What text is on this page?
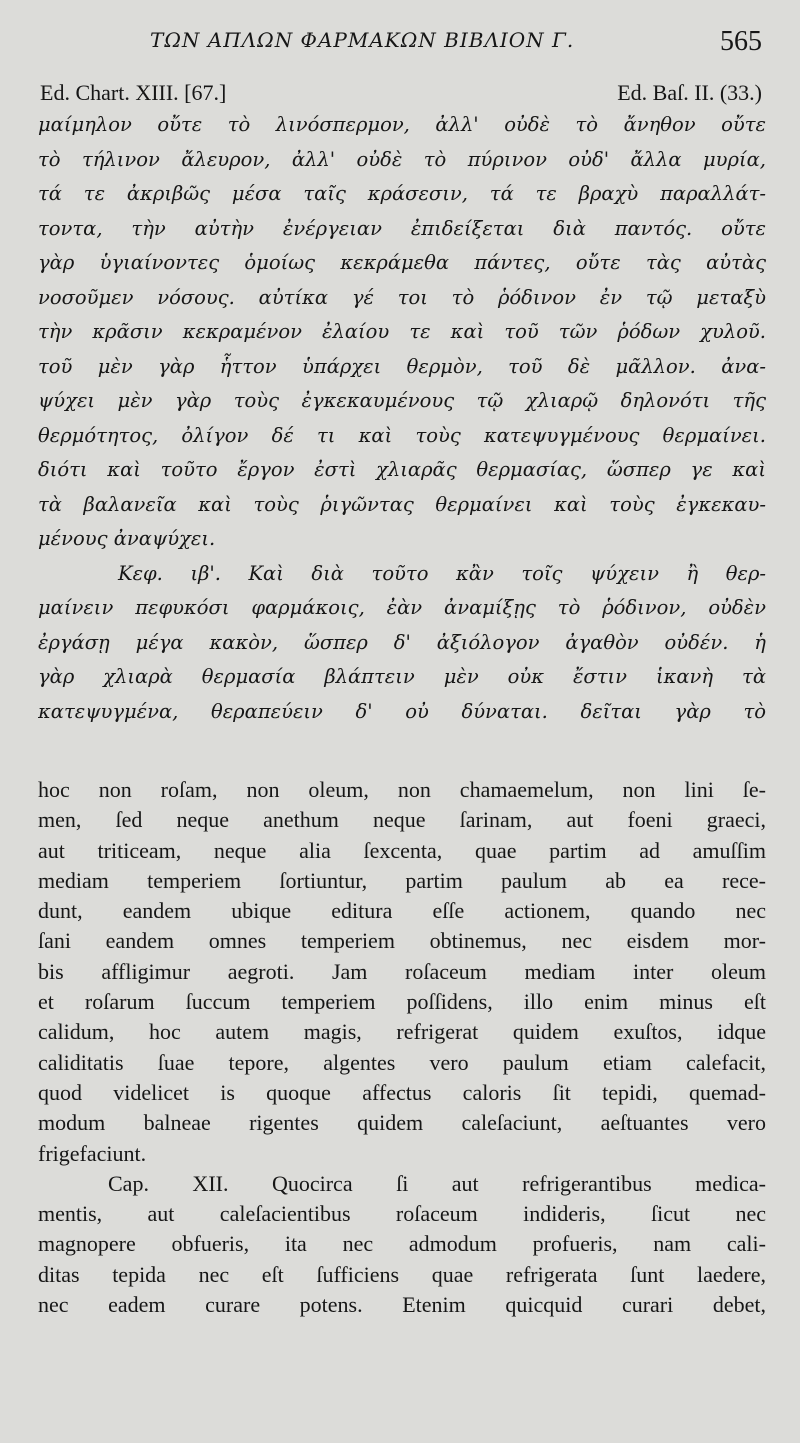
ΤΩΝ ΑΠΛΩΝ ΦΑΡΜΑΚΩΝ ΒΙΒΛΙΟΝ Γ.	565
Ed. Chart. XIII. [67.]	Ed. Baſ. II. (33.)
μαίμηλον οὔτε τὸ λινόσπερμον, ἀλλ' οὐδὲ τὸ ἄνηθον οὔτε
τὸ τήλινον ἄλευρον, ἀλλ' οὐδὲ τὸ πύρινον οὐδ' ἄλλα μυρία,
τά τε ἀκριβῶς μέσα ταῖς κράσεσιν, τά τε βραχὺ παραλλάτ-
τοντα, τὴν αὐτὴν ἐνέργειαν ἐπιδείξεται διὰ παντός. οὔτε
γὰρ ὑγιαίνοντες ὁμοίως κεκράμεθα πάντες, οὔτε τὰς αὐτὰς
νοσοῦμεν νόσους. αὐτίκα γέ τοι τὸ ῥόδινον ἐν τῷ μεταξὺ
τὴν κρᾶσιν κεκραμένον ἐλαίου τε καὶ τοῦ τῶν ῥόδων χυλοῦ.
τοῦ μὲν γὰρ ἧττον ὑπάρχει θερμὸν, τοῦ δὲ μᾶλλον. ἀνα-
ψύχει μὲν γὰρ τοὺς ἐγκεκαυμένους τῷ χλιαρῷ δηλονότι τῆς
θερμότητος, ὀλίγον δέ τι καὶ τοὺς κατεψυγμένους θερμαίνει.
διότι καὶ τοῦτο ἔργον ἐστὶ χλιαρᾶς θερμασίας, ὥσπερ γε καὶ
τὰ βαλανεῖα καὶ τοὺς ῥιγῶντας θερμαίνει καὶ τοὺς ἐγκεκαυ-
μένους ἀναψύχει.
Κεφ. ιβ'. Καὶ διὰ τοῦτο κἂν τοῖς ψύχειν ἢ θερ-
μαίνειν πεφυκόσι φαρμάκοις, ἐὰν ἀναμίξῃς τὸ ῥόδινον, οὐδὲν
ἐργάσῃ μέγα κακὸν, ὥσπερ δ' ἀξιόλογον ἀγαθὸν οὐδέν. ἡ
γὰρ χλιαρὰ θερμασία βλάπτειν μὲν οὐκ ἔστιν ἱκανὴ τὰ
κατεψυγμένα, θεραπεύειν δ' οὐ δύναται. δεῖται γὰρ τὸ
hoc non roſam, non oleum, non chamaemelum, non lini ſe-
men, ſed neque anethum neque ſarinam, aut foeni graeci,
aut triticeam, neque alia ſexcenta, quae partim ad amuſſim
mediam temperiem ſortiuntur, partim paulum ab ea rece-
dunt, eandem ubique editura eſſe actionem, quando nec
ſani eandem omnes temperiem obtinemus, nec eisdem mor-
bis affligimur aegroti. Jam roſaceum mediam inter oleum
et roſarum ſuccum temperiem poſſidens, illo enim minus eſt
calidum, hoc autem magis, refrigerat quidem exuſtos, idque
caliditatis ſuae tepore, algentes vero paulum etiam calefacit,
quod videlicet is quoque affectus caloris ſit tepidi, quemad-
modum balneae rigentes quidem caleſaciunt, aeſtuantes vero
frigefaciunt.
Cap. XII. Quocirca ſi aut refrigerantibus medica-
mentis, aut caleſacientibus roſaceum indideris, ſicut nec
magnopere obfueris, ita nec admodum profueris, nam cali-
ditas tepida nec eſt ſufficiens quae refrigerata ſunt laedere,
nec eadem curare potens. Etenim quicquid curari debet,
